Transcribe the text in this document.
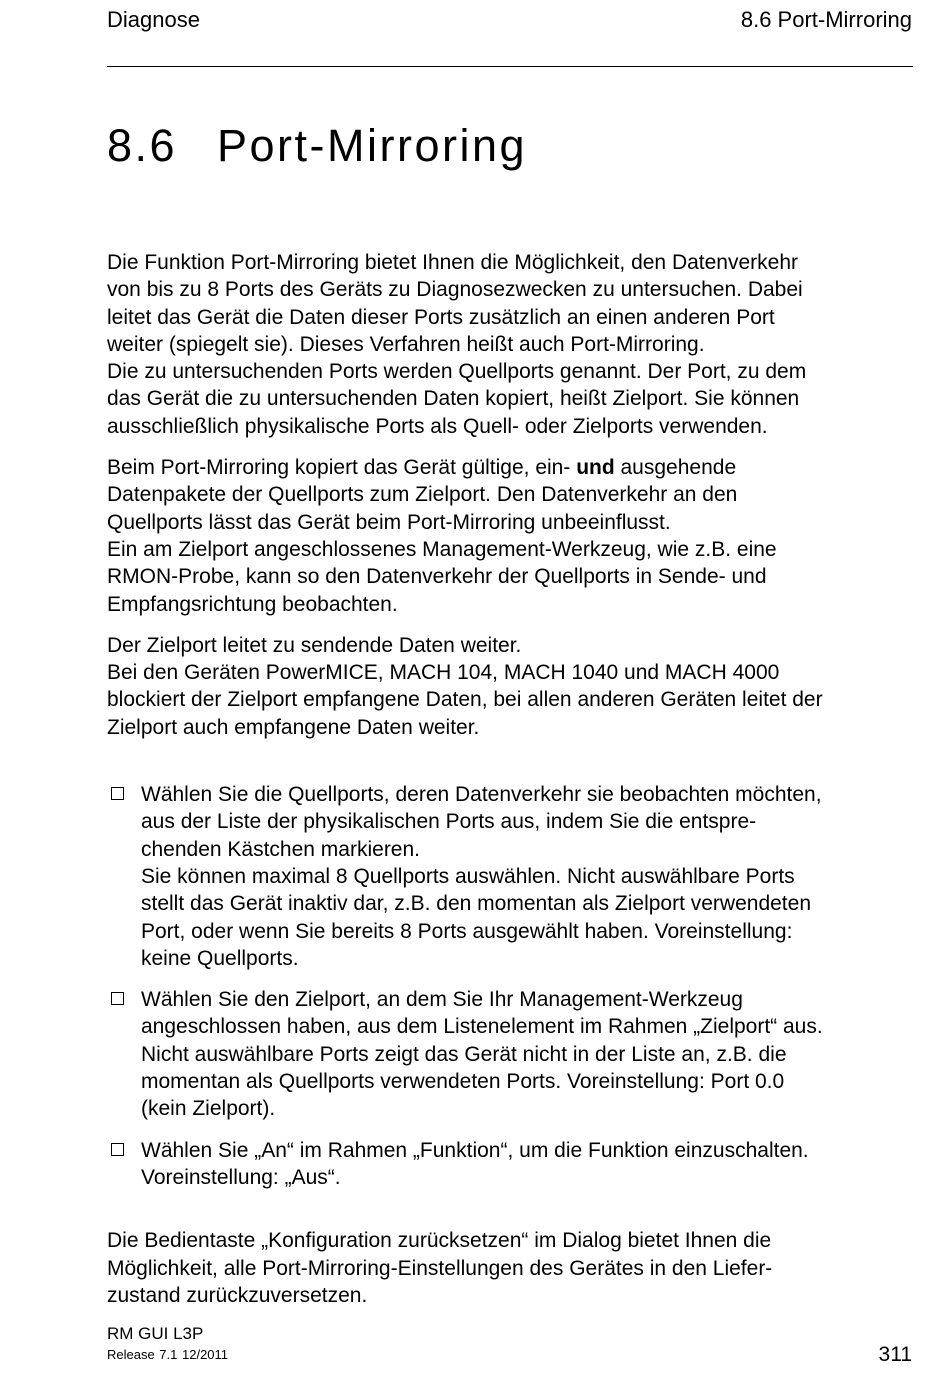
Diagnose	8.6 Port-Mirroring
8.6 Port-Mirroring

Die Funktion Port-Mirroring bietet Ihnen die Möglichkeit, den Datenverkehr
von bis zu 8 Ports des Geräts zu Diagnosezwecken zu untersuchen. Dabei
leitet das Gerät die Daten dieser Ports zusätzlich an einen anderen Port
weiter (spiegelt sie). Dieses Verfahren heißt auch Port-Mirroring.
Die zu untersuchenden Ports werden Quellports genannt. Der Port, zu dem
das Gerät die zu untersuchenden Daten kopiert, heißt Zielport. Sie können
ausschließlich physikalische Ports als Quell- oder Zielports verwenden.

Beim Port-Mirroring kopiert das Gerät gültige, ein- und ausgehende
Datenpakete der Quellports zum Zielport. Den Datenverkehr an den
Quellports lässt das Gerät beim Port-Mirroring unbeeinflusst.
Ein am Zielport angeschlossenes Management-Werkzeug, wie z.B. eine
RMON-Probe, kann so den Datenverkehr der Quellports in Sende- und
Empfangsrichtung beobachten.

Der Zielport leitet zu sendende Daten weiter.
Bei den Geräten PowerMICE, MACH 104, MACH 1040 und MACH 4000
blockiert der Zielport empfangene Daten, bei allen anderen Geräten leitet der
Zielport auch empfangene Daten weiter.

Wählen Sie die Quellports, deren Datenverkehr sie beobachten möchten,
aus der Liste der physikalischen Ports aus, indem Sie die entspre-
chenden Kästchen markieren.
Sie können maximal 8 Quellports auswählen. Nicht auswählbare Ports
stellt das Gerät inaktiv dar, z.B. den momentan als Zielport verwendeten
Port, oder wenn Sie bereits 8 Ports ausgewählt haben. Voreinstellung:
keine Quellports.
Wählen Sie den Zielport, an dem Sie Ihr Management-Werkzeug
angeschlossen haben, aus dem Listenelement im Rahmen „Zielport“ aus.
Nicht auswählbare Ports zeigt das Gerät nicht in der Liste an, z.B. die
momentan als Quellports verwendeten Ports. Voreinstellung: Port 0.0
(kein Zielport).
Wählen Sie „An“ im Rahmen „Funktion“, um die Funktion einzuschalten.
Voreinstellung: „Aus“.

Die Bedientaste „Konfiguration zurücksetzen“ im Dialog bietet Ihnen die
Möglichkeit, alle Port-Mirroring-Einstellungen des Gerätes in den Liefer-
zustand zurückzuversetzen.

RM GUI L3P
Release 7.1 12/2011	311
